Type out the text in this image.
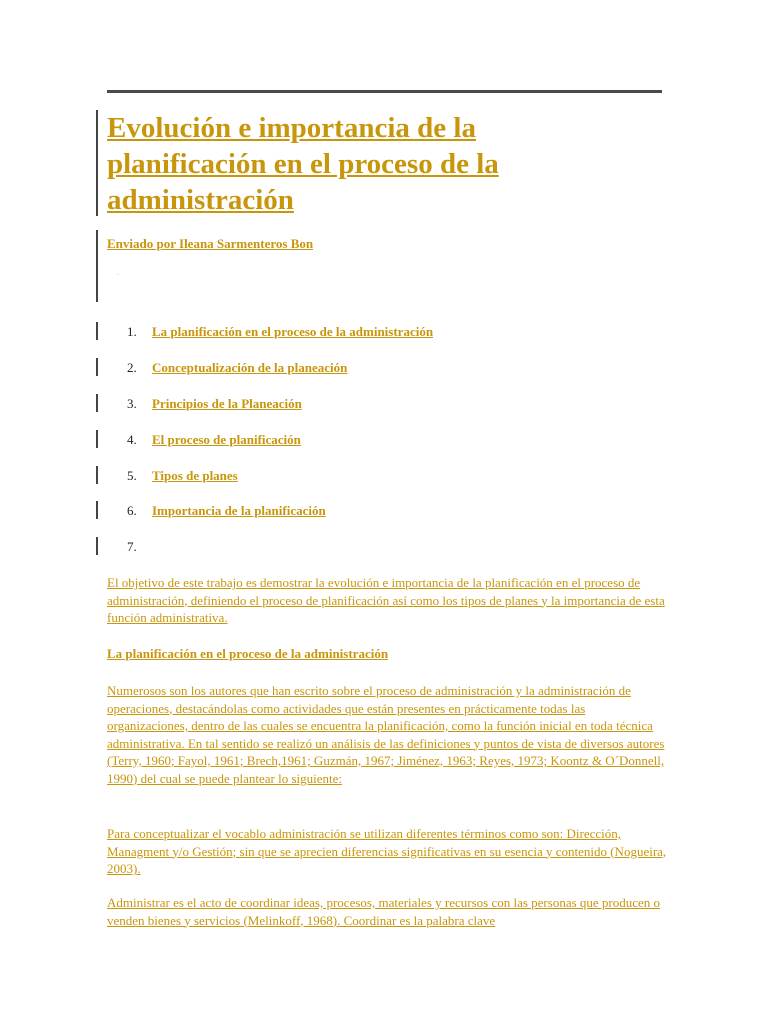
Evolución e importancia de la
planificación en el proceso de la
administración
Enviado por Ileana Sarmenteros Bon
.
1. La planificación en el proceso de la administración
2. Conceptualización de la planeación
3. Principios de la Planeación
4. El proceso de planificación
5. Tipos de planes
6. Importancia de la planificación
7.

El objetivo de este trabajo es demostrar la evolución e importancia de la planificación en el proceso de administración, definiendo el proceso de planificación así como los tipos de planes y la importancia de esta función administrativa.

La planificación en el proceso de la administración

Numerosos son los autores que han escrito sobre el proceso de administración y la administración de operaciones, destacándolas como actividades que están presentes en prácticamente todas las organizaciones, dentro de las cuales se encuentra la planificación, como la función inicial en toda técnica administrativa. En tal sentido se realizó un análisis de las definiciones y puntos de vista de diversos autores (Terry, 1960; Fayol, 1961; Brech,1961; Guzmán, 1967; Jiménez, 1963; Reyes, 1973; Koontz & O´Donnell, 1990) del cual se puede plantear lo siguiente:

Para conceptualizar el vocablo administración se utilizan diferentes términos como son: Dirección, Managment y/o Gestión; sin que se aprecien diferencias significativas en su esencia y contenido (Nogueira, 2003).

Administrar es el acto de coordinar ideas, procesos, materiales y recursos con las personas que producen o venden bienes y servicios (Melinkoff, 1968). Coordinar es la palabra clave
